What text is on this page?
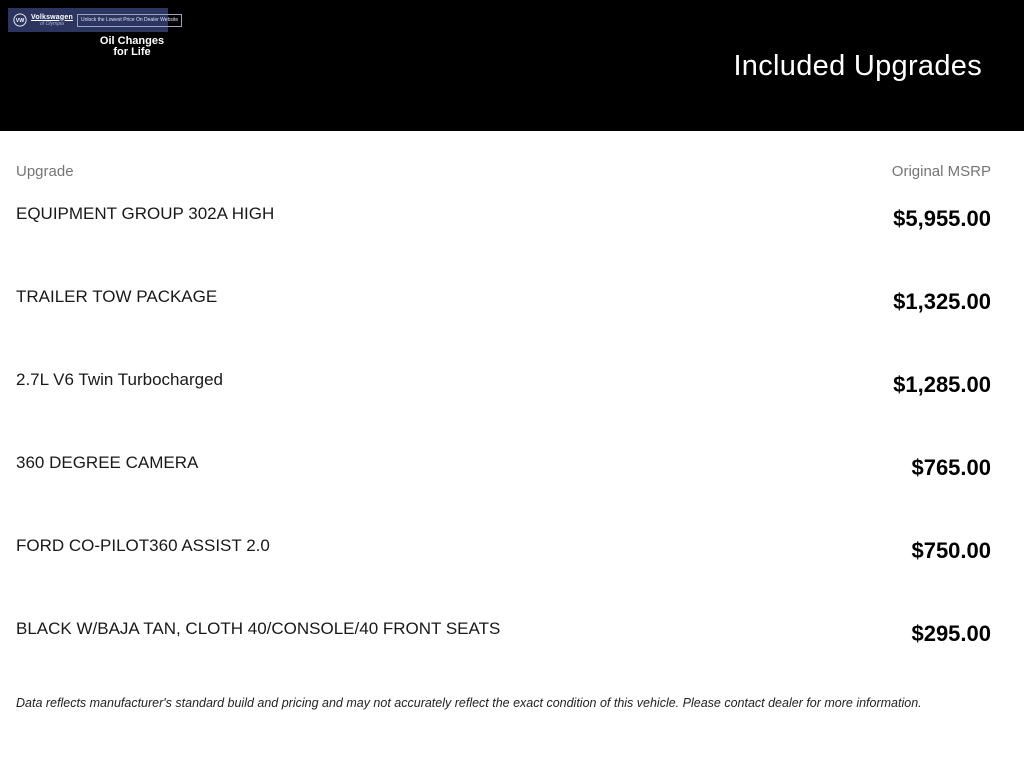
VW
Volkswagen
of Olympia
Unlock the Lowest Price On Dealer Website
Oil Changes
for Life	Included Upgrades
Upgrade	Original MSRP
EQUIPMENT GROUP 302A HIGH	$5,955.00
TRAILER TOW PACKAGE	$1,325.00
2.7L V6 Twin Turbocharged	$1,285.00
360 DEGREE CAMERA	$765.00
FORD CO-PILOT360 ASSIST 2.0	$750.00
BLACK W/BAJA TAN, CLOTH 40/CONSOLE/40 FRONT SEATS	$295.00
Data reflects manufacturer's standard build and pricing and may not accurately reflect the exact condition of this vehicle. Please contact dealer for more information.
